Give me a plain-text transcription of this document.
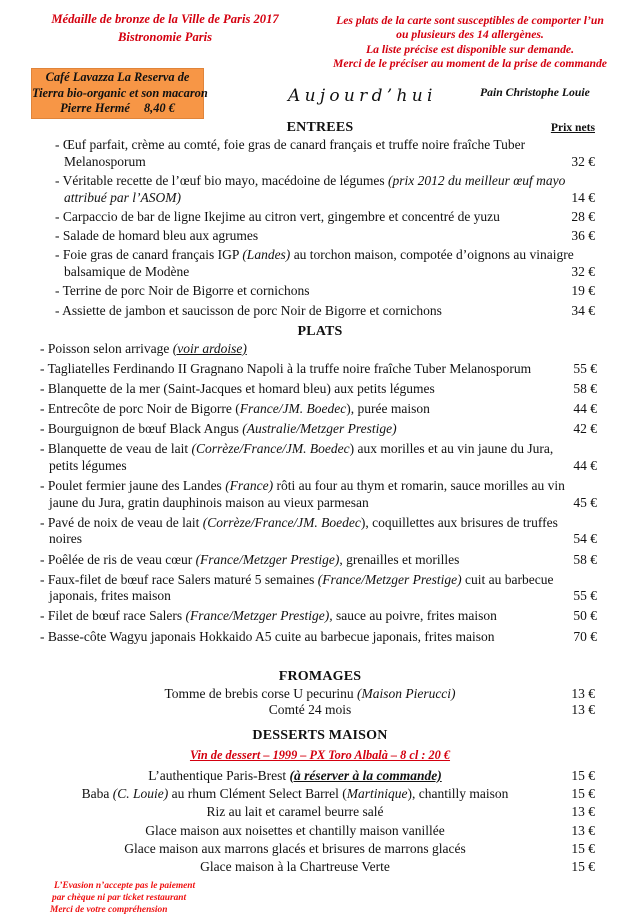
Médaille de bronze de la Ville de Paris 2017
Bistronomie Paris
Les plats de la carte sont susceptibles de comporter l’un
ou plusieurs des 14 allergènes.
La liste précise est disponible sur demande.
Merci de le préciser au moment de la prise de commande
Café Lavazza La Reserva de
Tierra bio-organic et son macaron
Pierre Hermé 8,40 €
Aujourd’hui	Pain Christophe Louie
ENTREES	Prix nets
- Œuf parfait, crème au comté, foie gras de canard français et truffe noire fraîche Tuber Melanosporum	32 €
- Véritable recette de l’œuf bio mayo, macédoine de légumes (prix 2012 du meilleur œuf mayo attribué par l’ASOM)	14 €
- Carpaccio de bar de ligne Ikejime au citron vert, gingembre et concentré de yuzu	28 €
- Salade de homard bleu aux agrumes	36 €
- Foie gras de canard français IGP (Landes) au torchon maison, compotée d’oignons au vinaigre balsamique de Modène	32 €
- Terrine de porc Noir de Bigorre et cornichons	19 €
- Assiette de jambon et saucisson de porc Noir de Bigorre et cornichons	34 €
PLATS
- Poisson selon arrivage (voir ardoise)
- Tagliatelles Ferdinando II Gragnano Napoli à la truffe noire fraîche Tuber Melanosporum	55 €
- Blanquette de la mer (Saint-Jacques et homard bleu) aux petits légumes	58 €
- Entrecôte de porc Noir de Bigorre (France/JM. Boedec), purée maison	44 €
- Bourguignon de bœuf Black Angus (Australie/Metzger Prestige)	42 €
- Blanquette de veau de lait (Corrèze/France/JM. Boedec) aux morilles et au vin jaune du Jura, petits légumes	44 €
- Poulet fermier jaune des Landes (France) rôti au four au thym et romarin, sauce morilles au vin jaune du Jura, gratin dauphinois maison au vieux parmesan	45 €
- Pavé de noix de veau de lait (Corrèze/France/JM. Boedec), coquillettes aux brisures de truffes noires	54 €
- Poêlée de ris de veau cœur (France/Metzger Prestige), grenailles et morilles	58 €
- Faux-filet de bœuf race Salers maturé 5 semaines (France/Metzger Prestige) cuit au barbecue japonais, frites maison	55 €
- Filet de bœuf race Salers (France/Metzger Prestige), sauce au poivre, frites maison	50 €
- Basse-côte Wagyu japonais Hokkaido A5 cuite au barbecue japonais, frites maison	70 €
FROMAGES
Tomme de brebis corse U pecurinu (Maison Pierucci)	13 €
Comté 24 mois	13 €
DESSERTS MAISON
Vin de dessert – 1999 – PX Toro Albalà – 8 cl : 20 €
L’authentique Paris-Brest (à réserver à la commande)	15 €
Baba (C. Louie) au rhum Clément Select Barrel (Martinique), chantilly maison	15 €
Riz au lait et caramel beurre salé	13 €
Glace maison aux noisettes et chantilly maison vanillée	13 €
Glace maison aux marrons glacés et brisures de marrons glacés	15 €
Glace maison à la Chartreuse Verte	15 €
L’Evasion n’accepte pas le paiement
par chèque ni par ticket restaurant
Merci de votre compréhension
